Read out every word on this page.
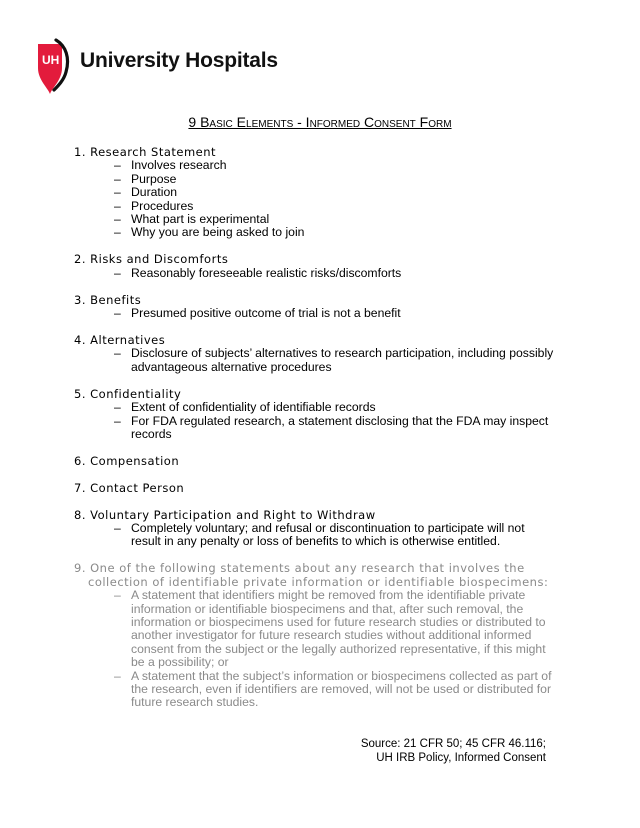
UH University Hospitals
9 Basic Elements - Informed Consent Form
1. Research Statement
– Involves research
– Purpose
– Duration
– Procedures
– What part is experimental
– Why you are being asked to join
2. Risks and Discomforts
– Reasonably foreseeable realistic risks/discomforts
3. Benefits
– Presumed positive outcome of trial is not a benefit
4. Alternatives
– Disclosure of subjects’ alternatives to research participation, including possibly advantageous alternative procedures
5. Confidentiality
– Extent of confidentiality of identifiable records
– For FDA regulated research, a statement disclosing that the FDA may inspect records
6. Compensation
7. Contact Person
8. Voluntary Participation and Right to Withdraw
– Completely voluntary; and refusal or discontinuation to participate will not result in any penalty or loss of benefits to which is otherwise entitled.
9. One of the following statements about any research that involves the collection of identifiable private information or identifiable biospecimens:
– A statement that identifiers might be removed from the identifiable private information or identifiable biospecimens and that, after such removal, the information or biospecimens used for future research studies or distributed to another investigator for future research studies without additional informed consent from the subject or the legally authorized representative, if this might be a possibility; or
– A statement that the subject’s information or biospecimens collected as part of the research, even if identifiers are removed, will not be used or distributed for future research studies.
Source: 21 CFR 50; 45 CFR 46.116;
UH IRB Policy, Informed Consent
